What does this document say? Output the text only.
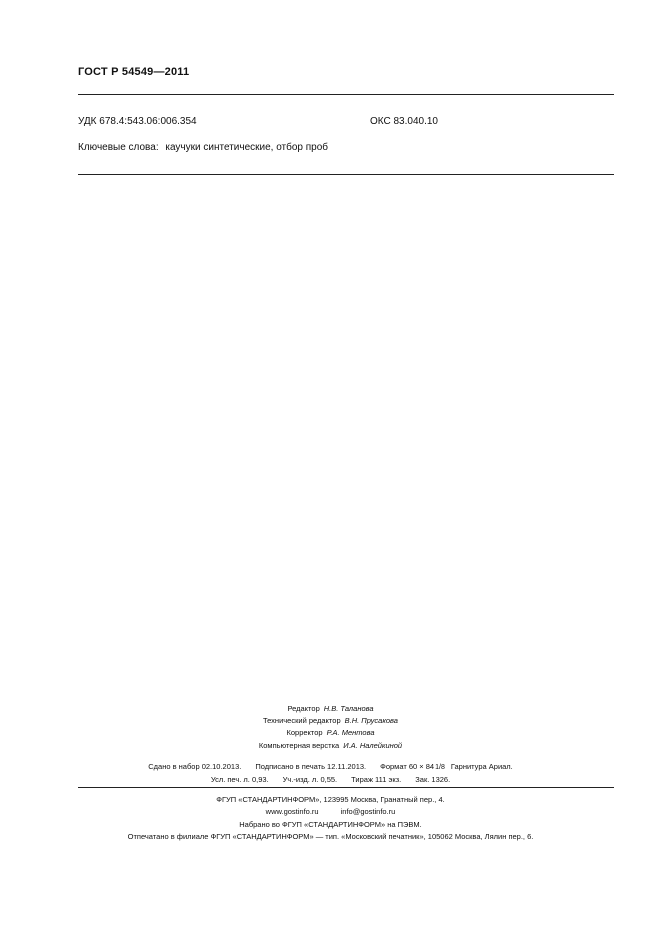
ГОСТ Р 54549—2011
УДК 678.4:543.06:006.354	ОКС 83.040.10
Ключевые слова: каучуки синтетические, отбор проб
Редактор Н.В. Таланова
Технический редактор В.Н. Прусакова
Корректор Р.А. Ментова
Компьютерная верстка И.А. Налейкиной
Сдано в набор 02.10.2013. Подписано в печать 12.11.2013. Формат 60 × 841/8 Гарнитура Ариал.
Усл. печ. л. 0,93. Уч.-изд. л. 0,55. Тираж 111 экз. Зак. 1326.
ФГУП «СТАНДАРТИНФОРМ», 123995 Москва, Гранатный пер., 4.
www.gostinfo.ru	info@gostinfo.ru
Набрано во ФГУП «СТАНДАРТИНФОРМ» на ПЭВМ.
Отпечатано в филиале ФГУП «СТАНДАРТИНФОРМ» — тип. «Московский печатник», 105062 Москва, Лялин пер., 6.
